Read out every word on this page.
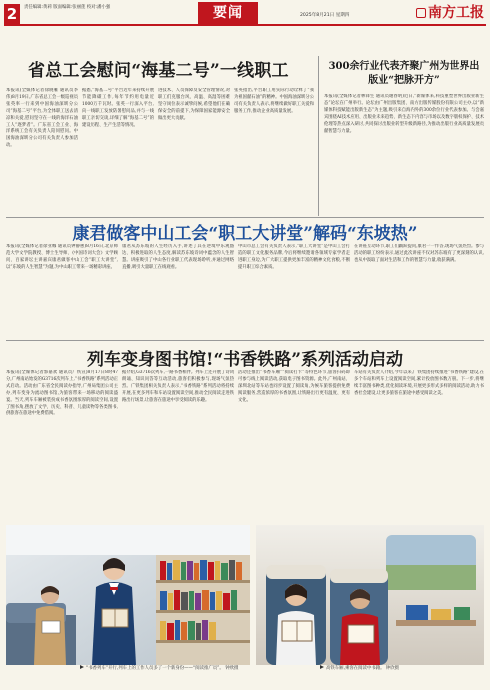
2	责任编辑:黄莉 版面编辑:张丽莲 校对:潘小强	要闻	2025年8月21日 星期四	南方工报
省总工会慰问“海基二号”一线职工
本报讯(全媒体记者徐晓雁 通讯员李伟)8月19日,广东省总工会一级巡视员张英率一行来到中国海油深圳分公司“海基二号”平台,为全体职工送去清凉和关爱,慰问坚守在一线的海洋石油工人“逐梦者”。广东省工会工业、海洋系统工会有关负责人陪同慰问。中国海油深圳分公司有关负责人参加活动。
据悉,“海基二号”平台近年来持续开展节能降碳工作,每年节约用电量近1000万千瓦时。张英一行深入平台,向一线职工发放防暑慰问品,并与一线职工亲切交谈,详细了解“海基二号”的建设历程、生产生活等情况。
进技术、人员保障及安全管理情况,对职工们克服台风、高温、高湿等困难坚守岗位表示诚挚问候,希望他们在确保安全的前提下,为保障国家能源安全做出更大贡献。
张英指出,平台职工用实际行动诠释了“我为祖国献石油”的精神。中国海油深圳分公司有关负责人表示,将继续做好职工关爱和服务工作,推动企业高质量发展。
300余行业代表齐聚广州为世界出版业“把脉开方”
本报讯(全媒体记者林锋生 通讯员谢春明)近日,“新媒体来,科技重塑世界出版业新生态”论坛在广州举行。论坛由广州出版集团、南方出版传媒股份有限公司主办,以“新媒体科技赋能出版新生态”为主题,吸引来自海内外的300余位行业代表参加。与会嘉宾围绕AI技术应用、出版业未来趋势、新生态下内容与市场以及数字版权保护、技术伦理等热点深入研讨,共同探讨出版业转型升级新路径,为推动出版行业高质量发展贡献智慧与力量。
康君做客中山工会“职工大讲堂”解码“东坡热”
本报讯(全媒体记者徐亚娜 通讯员钟静惠)8月16日,北京师范大学文学院教授、博士生导师、《中国诗词大会》文学顾问、百家讲坛主讲嘉宾康君做客中山工会“职工大讲堂”,以“东坡的人生智慧”为题,为中山职工带来一场精彩讲座。
康君从苏东坡的人生经历入手,讲述了其在逆境中乐观豁达、积极进取的人生态度,解读苏东坡诗词中蕴含的人生智慧。讲座吸引了中山各行业职工代表现场聆听,并通过网络直播,吸引大量职工在线观看。
中山市总工会有关负责人表示,“职工大讲堂”是中山工会打造的职工文化服务品牌,今后将继续邀请各领域专家学者走进职工身边,为广大职工提供更加丰富的精神文化食粮,不断提升职工综合素质。
在讲座互动环节,职工们踊跃提问,康君一一作答,现场气氛热烈。参与活动的职工纷纷表示,通过此次讲座不仅对苏东坡有了更深刻的认识,也从中汲取了面对生活和工作的智慧与力量,收获满满。
列车变身图书馆!“书香铁路”系列活动启动
本报讯(全媒体记者郭嘉欢 通讯员广铁宣)8月17日8时47分,广州南站始发的G3716次列车上,“书香铁路”系列活动正式启动。活动由广东省全民阅读办指导,广州局集团公司主办,列车变身为流动图书馆,为旅客带来一场移动的阅读盛宴。当天,列车车厢被装扮成书香氛围浓厚的阅读空间,设置了图书角,摆放了文学、历史、科普、儿童读物等各类图书,供旅客在旅途中免费借阅。
据介绍,G3716次列车,一路书香相伴。列车上还开展了诗词朗诵、知识问答等互动活动,旅客们积极参与,现场气氛热烈。广铁集团相关负责人表示,“书香铁路”系列活动将持续开展,在更多列车和车站设置阅读空间,推动全民阅读走进铁路出行场景,让旅客在旅途中享受阅读的乐趣。
活动还推出“书香车厢”“阅读打卡”等特色环节,旅客扫码即可参与线上阅读活动,获取电子图书资源。此外,广州南站、深圳北站等车站也同步设置了阅读角,为候车旅客提供免费阅读服务,营造浓厚的书香氛围,让铁路出行更有温度、更有文化。
车站有关负责人介绍,今年以来,广铁集团持续推进“书香铁路”建设,在多个车站和列车上设置阅读空间,累计投放图书数万册。下一步,将继续丰富图书种类,优化阅读环境,开展更多形式多样的阅读活动,助力书香社会建设,让更多旅客在旅途中感受阅读之美。
“书香列车”开行,列车上的工作人员多了一个新身份——“阅读推广员”。 钟欣摄	高铁车厢,乘客在阅读中书籍。 钟欣摄
